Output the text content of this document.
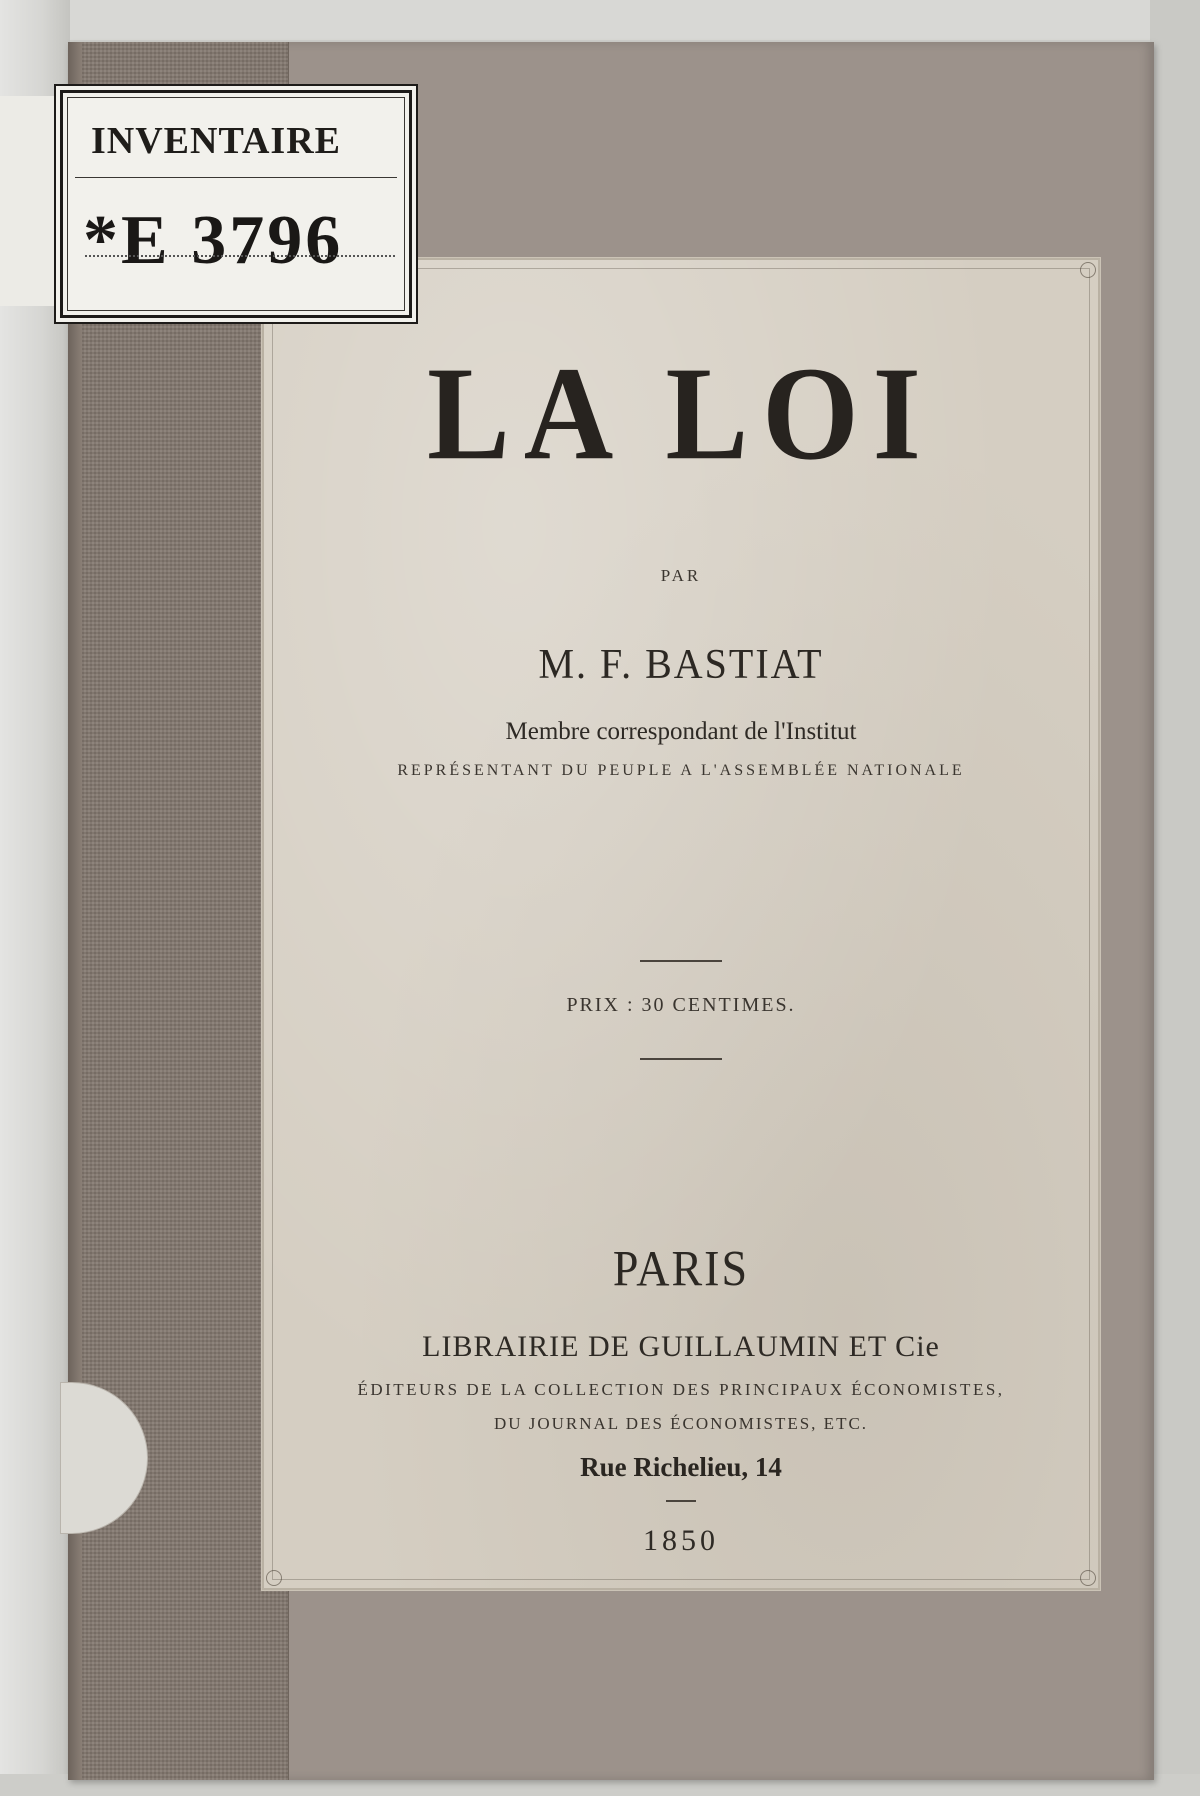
LA LOI

PAR

M. F. BASTIAT

Membre correspondant de l'Institut

REPRÉSENTANT DU PEUPLE A L'ASSEMBLÉE NATIONALE

PRIX : 30 CENTIMES.

PARIS

LIBRAIRIE DE GUILLAUMIN ET Cie

ÉDITEURS DE LA COLLECTION DES PRINCIPAUX ÉCONOMISTES,

DU JOURNAL DES ÉCONOMISTES, ETC.

Rue Richelieu, 14

1850

INVENTAIRE
*E 3796
